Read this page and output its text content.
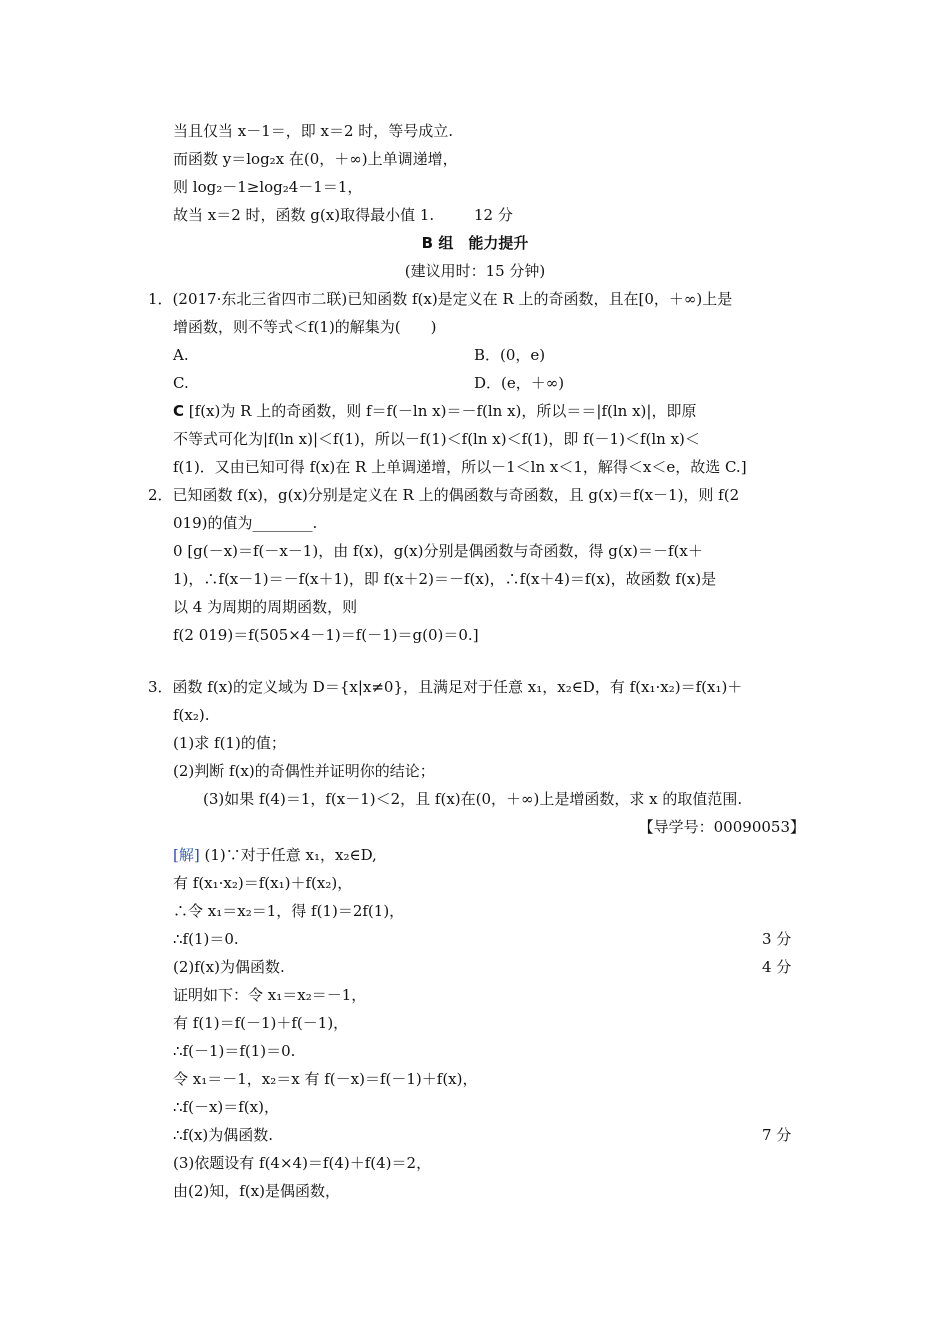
当且仅当 x－1＝，即 x＝2 时，等号成立.
而函数 y＝log₂x 在(0，＋∞)上单调递增，
则 log₂－1≥log₂4－1＝1，
故当 x＝2 时，函数 g(x)取得最小值 1.	12 分
B 组　能力提升
(建议用时：15 分钟)
1．(2017·东北三省四市二联)已知函数 f(x)是定义在 R 上的奇函数，且在[0，＋∞)上是
增函数，则不等式＜f(1)的解集为(　　)
A.	B．(0，e)
C.	D．(e，＋∞)
C [f(x)为 R 上的奇函数，则 f＝f(－ln x)＝－f(ln x)，所以＝＝|f(ln x)|，即原
不等式可化为|f(ln x)|＜f(1)，所以－f(1)＜f(ln x)＜f(1)，即 f(－1)＜f(ln x)＜
f(1)．又由已知可得 f(x)在 R 上单调递增，所以－1＜ln x＜1，解得＜x＜e，故选 C.]
2．已知函数 f(x)，g(x)分别是定义在 R 上的偶函数与奇函数，且 g(x)＝f(x－1)，则 f(2
019)的值为________.
0 [g(－x)＝f(－x－1)，由 f(x)，g(x)分别是偶函数与奇函数，得 g(x)＝－f(x＋
1)，∴f(x－1)＝－f(x＋1)，即 f(x＋2)＝－f(x)，∴f(x＋4)＝f(x)，故函数 f(x)是
以 4 为周期的周期函数，则
f(2 019)＝f(505×4－1)＝f(－1)＝g(0)＝0.]
3．函数 f(x)的定义域为 D＝{x|x≠0}，且满足对于任意 x₁，x₂∈D，有 f(x₁·x₂)＝f(x₁)＋
f(x₂).
(1)求 f(1)的值；
(2)判断 f(x)的奇偶性并证明你的结论；
(3)如果 f(4)＝1，f(x－1)＜2，且 f(x)在(0，＋∞)上是增函数，求 x 的取值范围.
【导学号：00090053】
[解] (1)∵对于任意 x₁，x₂∈D,
有 f(x₁·x₂)＝f(x₁)＋f(x₂)，
∴令 x₁＝x₂＝1，得 f(1)＝2f(1)，
∴f(1)＝0.	3 分
(2)f(x)为偶函数.	4 分
证明如下：令 x₁＝x₂＝－1，
有 f(1)＝f(－1)＋f(－1)，
∴f(－1)＝f(1)＝0.
令 x₁＝－1，x₂＝x 有 f(－x)＝f(－1)＋f(x)，
∴f(－x)＝f(x)，
∴f(x)为偶函数.	7 分
(3)依题设有 f(4×4)＝f(4)＋f(4)＝2，
由(2)知，f(x)是偶函数，
